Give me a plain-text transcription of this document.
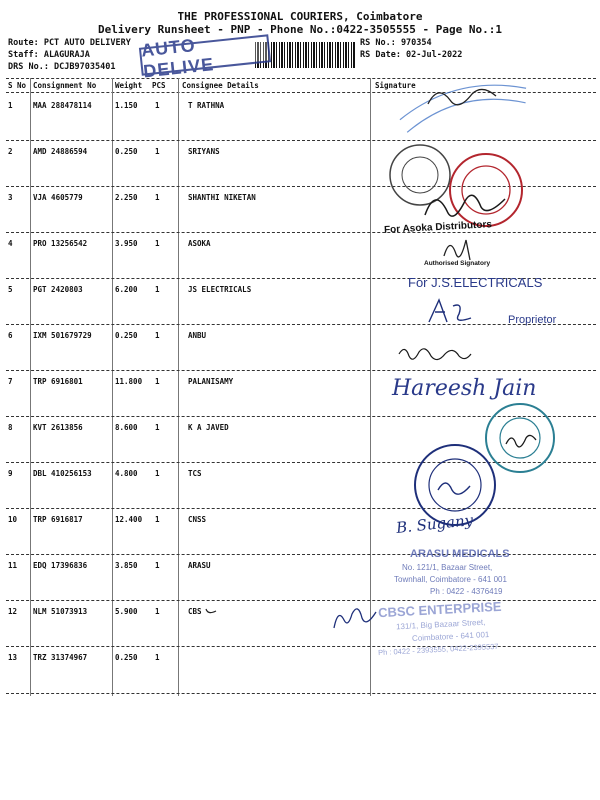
THE PROFESSIONAL COURIERS, Coimbatore
Delivery Runsheet - PNP - Phone No.:0422-3505555 - Page No.:1
Route: PCT AUTO DELIVERY
Staff: ALAGURAJA
DRS No.: DCJB97035401
RS No.: 970354
RS Date: 02-Jul-2022
AUTO DELIVE
S No Consignment No	Weight PCS Consignee Details	Signature
1	MAA 288478114	1.150 1	T RATHNA
2	AMD 24886594	0.250 1	SRIYANS
3	VJA 4605779	2.250 1	SHANTHI NIKETAN
4	PRO 13256542	3.950 1	ASOKA
5	PGT 2420803	6.200 1	JS ELECTRICALS
6	IXM 501679729	0.250 1	ANBU
7	TRP 6916801	11.800 1	PALANISAMY
8	KVT 2613856	8.600 1	K A JAVED
9	DBL 410256153	4.800 1	TCS
10 TRP 6916817	12.400 1	CNSS
11 EDQ 17396836	3.850 1	ARASU
12 NLM 51073913	5.900 1	CBS
13 TRZ 31374967	0.250 1
For Asoka Distributors
Authorised Signatory
For J.S.ELECTRICALS
Proprietor
Hareesh Jain
B. Sugany
ARASU MEDICALS
No. 121/1, Bazaar Street,
Townhall, Coimbatore - 641 001
Ph : 0422 - 4376419
CBSC ENTERPRISE
131/1, Big Bazaar Street,
Coimbatore - 641 001
Ph : 0422 - 2393555, 0422-2395537
